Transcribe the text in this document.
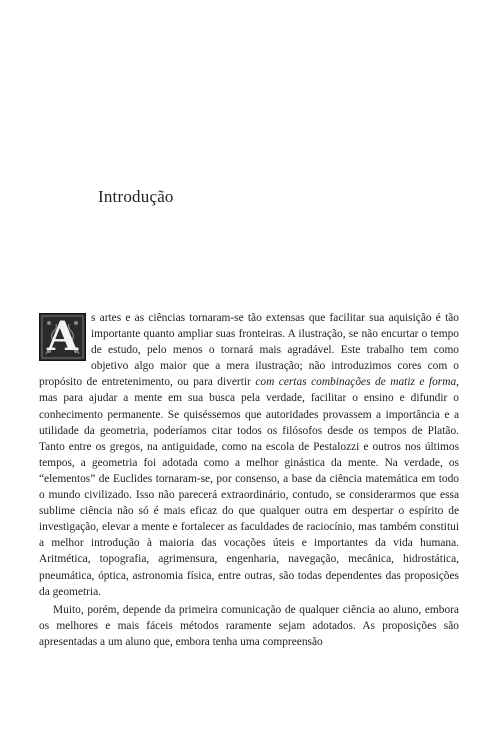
Introdução

A s artes e as ciências tornaram-se tão extensas que facilitar sua aquisição é tão importante quanto ampliar suas fronteiras. A ilustração, se não encurtar o tempo de estudo, pelo menos o tornará mais agradável. Este trabalho tem como objetivo algo maior que a mera ilustração; não introduzimos cores com o propósito de entretenimento, ou para divertir com certas combinações de matiz e forma, mas para ajudar a mente em sua busca pela verdade, facilitar o ensino e difundir o conhecimento permanente. Se quiséssemos que autoridades provassem a importância e a utilidade da geometria, poderíamos citar todos os filósofos desde os tempos de Platão. Tanto entre os gregos, na antiguidade, como na escola de Pestalozzi e outros nos últimos tempos, a geometria foi adotada como a melhor ginástica da mente. Na verdade, os “elementos” de Euclides tornaram-se, por consenso, a base da ciência matemática em todo o mundo civilizado. Isso não parecerá extraordinário, contudo, se considerarmos que essa sublime ciência não só é mais eficaz do que qualquer outra em despertar o espírito de investigação, elevar a mente e fortalecer as faculdades de raciocínio, mas também constitui a melhor introdução à maioria das vocações úteis e importantes da vida humana. Aritmética, topografia, agrimensura, engenharia, navegação, mecânica, hidrostática, pneumática, óptica, astronomia física, entre outras, são todas dependentes das proposições da geometria.

Muito, porém, depende da primeira comunicação de qualquer ciência ao aluno, embora os melhores e mais fáceis métodos raramente sejam adotados. As proposições são apresentadas a um aluno que, embora tenha uma compreensão
